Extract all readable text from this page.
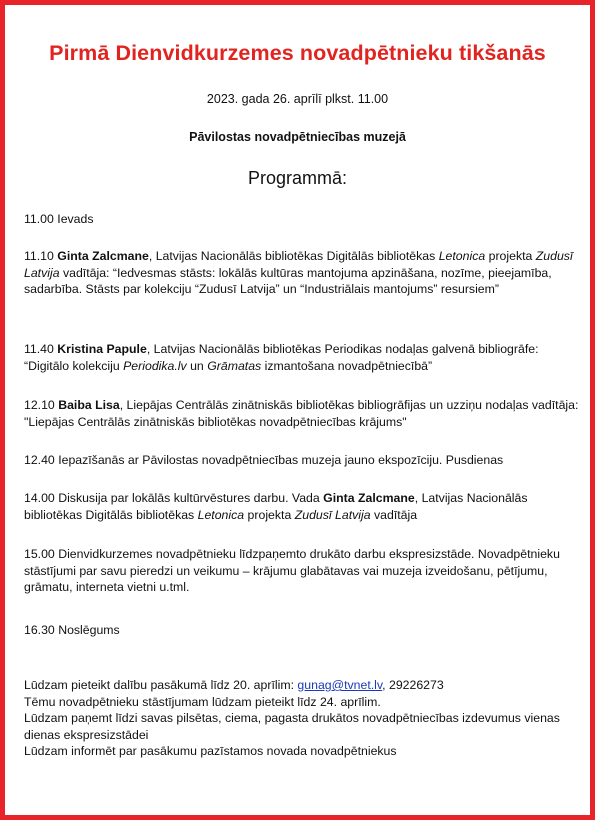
Pirmā Dienvidkurzemes novadpētnieku tikšanās
2023. gada 26. aprīlī plkst. 11.00
Pāvilostas novadpētniecības muzejā
Programmā:

11.00 Ievads

11.10 Ginta Zalcmane, Latvijas Nacionālās bibliotēkas Digitālās bibliotēkas Letonica projekta Zudusī Latvija vadītāja: “Iedvesmas stāsts: lokālās kultūras mantojuma apzināšana, nozīme, pieejamība, sadarbība. Stāsts par kolekciju “Zudusī Latvija” un “Industriālais mantojums” resursiem”

11.40 Kristina Papule, Latvijas Nacionālās bibliotēkas Periodikas nodaļas galvenā bibliogrāfe: “Digitālo kolekciju Periodika.lv un Grāmatas izmantošana novadpētniecībā”

12.10 Baiba Lisa, Liepājas Centrālās zinātniskās bibliotēkas bibliogrāfijas un uzziņu nodaļas vadītāja: "Liepājas Centrālās zinātniskās bibliotēkas novadpētniecības krājums"

12.40 Iepazīšanās ar Pāvilostas novadpētniecības muzeja jauno ekspozīciju. Pusdienas

14.00 Diskusija par lokālās kultūrvēstures darbu. Vada Ginta Zalcmane, Latvijas Nacionālās bibliotēkas Digitālās bibliotēkas Letonica projekta Zudusī Latvija vadītāja

15.00 Dienvidkurzemes novadpētnieku līdzpaņemto drukāto darbu ekspresizstāde. Novadpētnieku stāstījumi par savu pieredzi un veikumu – krājumu glabātavas vai muzeja izveidošanu, pētījumu, grāmatu, interneta vietni u.tml.

16.30 Noslēgums

Lūdzam pieteikt dalību pasākumā līdz 20. aprīlim: gunag@tvnet.lv, 29226273

Tēmu novadpētnieku stāstījumam lūdzam pieteikt līdz 24. aprīlim.

Lūdzam paņemt līdzi savas pilsētas, ciema, pagasta drukātos novadpētniecības izdevumus vienas dienas ekspresizstādei

Lūdzam informēt par pasākumu pazīstamos novada novadpētniekus
